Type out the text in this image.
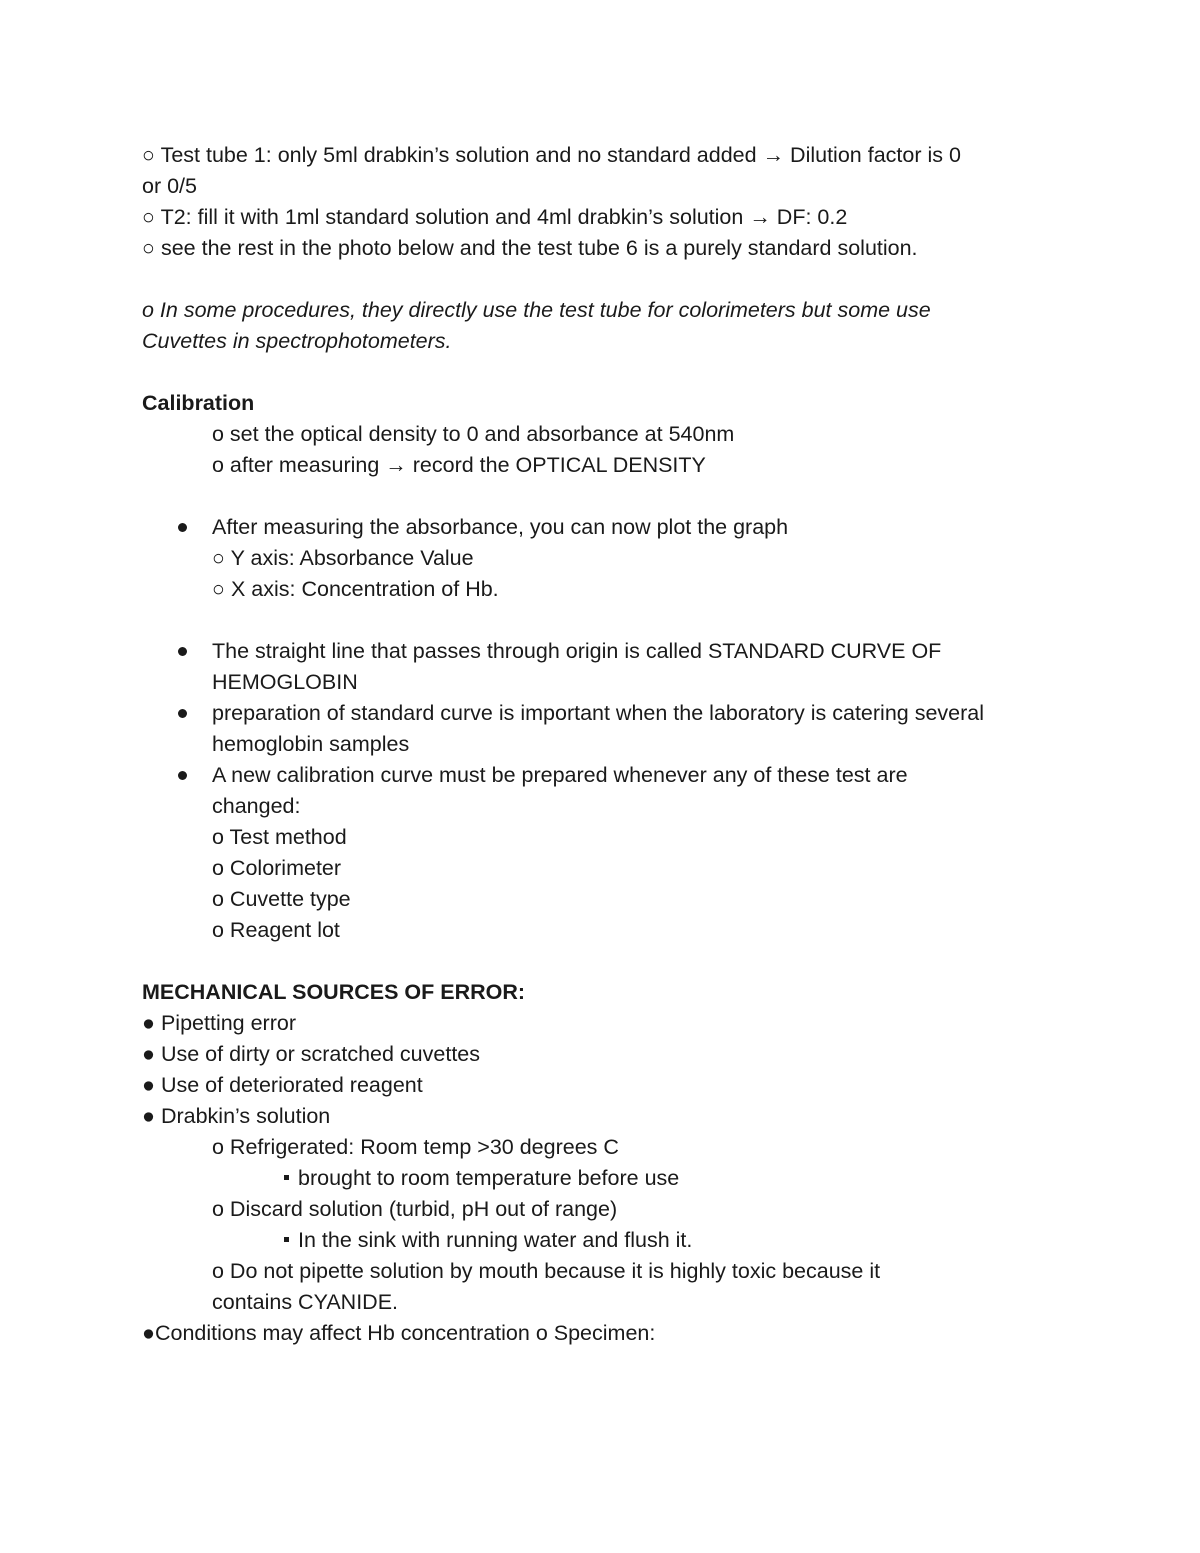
○ Test tube 1: only 5ml drabkin’s solution and no standard added → Dilution factor is 0
or 0/5
○ T2: fill it with 1ml standard solution and 4ml drabkin’s solution → DF: 0.2
○ see the rest in the photo below and the test tube 6 is a purely standard solution.
o In some procedures, they directly use the test tube for colorimeters but some use
Cuvettes in spectrophotometers.
Calibration
o set the optical density to 0 and absorbance at 540nm
o after measuring → record the OPTICAL DENSITY
After measuring the absorbance, you can now plot the graph
○ Y axis: Absorbance Value
○ X axis: Concentration of Hb.
The straight line that passes through origin is called STANDARD CURVE OF HEMOGLOBIN
preparation of standard curve is important when the laboratory is catering several hemoglobin samples
A new calibration curve must be prepared whenever any of these test are changed:
o Test method
o Colorimeter
o Cuvette type
o Reagent lot
MECHANICAL SOURCES OF ERROR:
● Pipetting error
● Use of dirty or scratched cuvettes
● Use of deteriorated reagent
● Drabkin’s solution
o Refrigerated: Room temp >30 degrees C
brought to room temperature before use
o Discard solution (turbid, pH out of range)
In the sink with running water and flush it.
o Do not pipette solution by mouth because it is highly toxic because it
contains CYANIDE.
●Conditions may affect Hb concentration o Specimen:
